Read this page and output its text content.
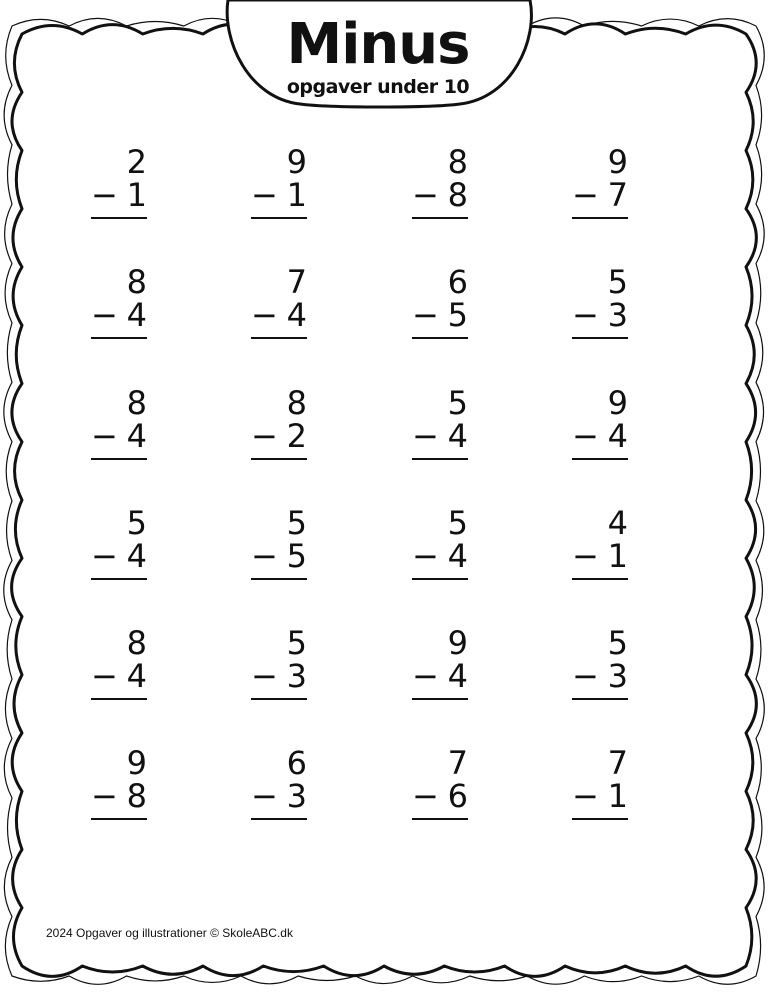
Minus
opgaver under 10
2
− 1
9
− 1
8
− 8
9
− 7
8
− 4
7
− 4
6
− 5
5
− 3
8
− 4
8
− 2
5
− 4
9
− 4
5
− 4
5
− 5
5
− 4
4
− 1
8
− 4
5
− 3
9
− 4
5
− 3
9
− 8
6
− 3
7
− 6
7
− 1
2024 Opgaver og illustrationer © SkoleABC.dk
